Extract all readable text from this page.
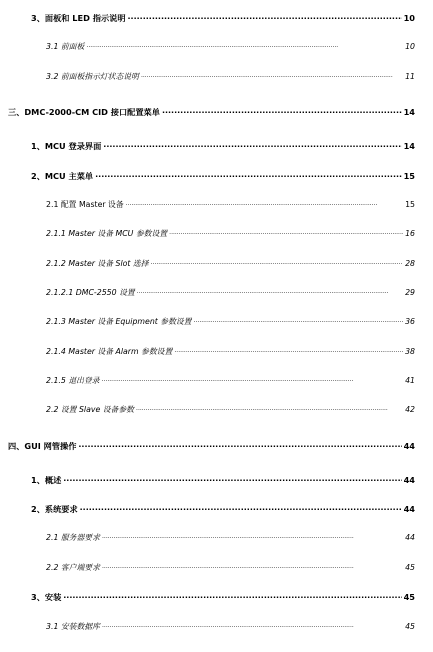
3、面板和 LED 指示说明 ·····	10
3.1 前面板 ·····	10
3.2 前面板指示灯状态说明 ·····	11
三、DMC-2000-CM CID 接口配置菜单 ·····	14
1、MCU 登录界面 ·····	14
2、MCU 主菜单 ·····	15
2.1 配置 Master 设备 ·····	15
2.1.1 Master 设备 MCU 参数设置 ·····	16
2.1.2 Master 设备 Slot 选择 ·····	28
2.1.2.1 DMC-2550 设置 ·····	29
2.1.3 Master 设备 Equipment 参数设置 ·····	36
2.1.4 Master 设备 Alarm 参数设置 ·····	38
2.1.5 退出登录 ·····	41
2.2 设置 Slave 设备参数 ·····	42
四、GUI 网管操作 ·····	44
1、概述 ·····	44
2、系统要求 ·····	44
2.1 服务器要求 ·····	44
2.2 客户端要求 ·····	45
3、安装 ·····	45
3.1 安装数据库 ·····	45
